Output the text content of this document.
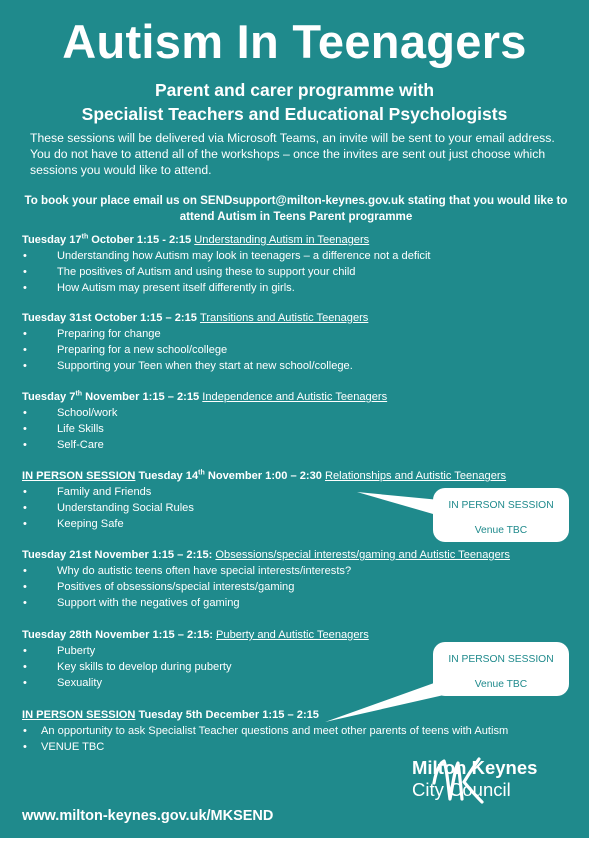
Autism In Teenagers
Parent and carer programme with
Specialist Teachers and Educational Psychologists
These sessions will be delivered via Microsoft Teams, an invite will be sent to your email address. You do not have to attend all of the workshops – once the invites are sent out just choose which sessions you would like to attend.
To book your place email us on SENDsupport@milton-keynes.gov.uk stating that you would like to attend Autism in Teens Parent programme
Tuesday 17th October 1:15 - 2:15 Understanding Autism in Teenagers
• Understanding how Autism may look in teenagers – a difference not a deficit
• The positives of Autism and using these to support your child
• How Autism may present itself differently in girls.
Tuesday 31st October 1:15 – 2:15 Transitions and Autistic Teenagers
• Preparing for change
• Preparing for a new school/college
• Supporting your Teen when they start at new school/college.
Tuesday 7th November 1:15 – 2:15 Independence and Autistic Teenagers
• School/work
• Life Skills
• Self-Care
IN PERSON SESSION Tuesday 14th November 1:00 – 2:30 Relationships and Autistic Teenagers
• Family and Friends
• Understanding Social Rules
• Keeping Safe
Tuesday 21st November 1:15 – 2:15: Obsessions/special interests/gaming and Autistic Teenagers
• Why do autistic teens often have special interests/interests?
• Positives of obsessions/special interests/gaming
• Support with the negatives of gaming
Tuesday 28th November 1:15 – 2:15: Puberty and Autistic Teenagers
• Puberty
• Key skills to develop during puberty
• Sexuality
IN PERSON SESSION Tuesday 5th December 1:15 – 2:15
• An opportunity to ask Specialist Teacher questions and meet other parents of teens with Autism
• VENUE TBC
IN PERSON SESSION
Venue TBC
IN PERSON SESSION
Venue TBC
Milton Keynes
City Council
www.milton-keynes.gov.uk/MKSEND
